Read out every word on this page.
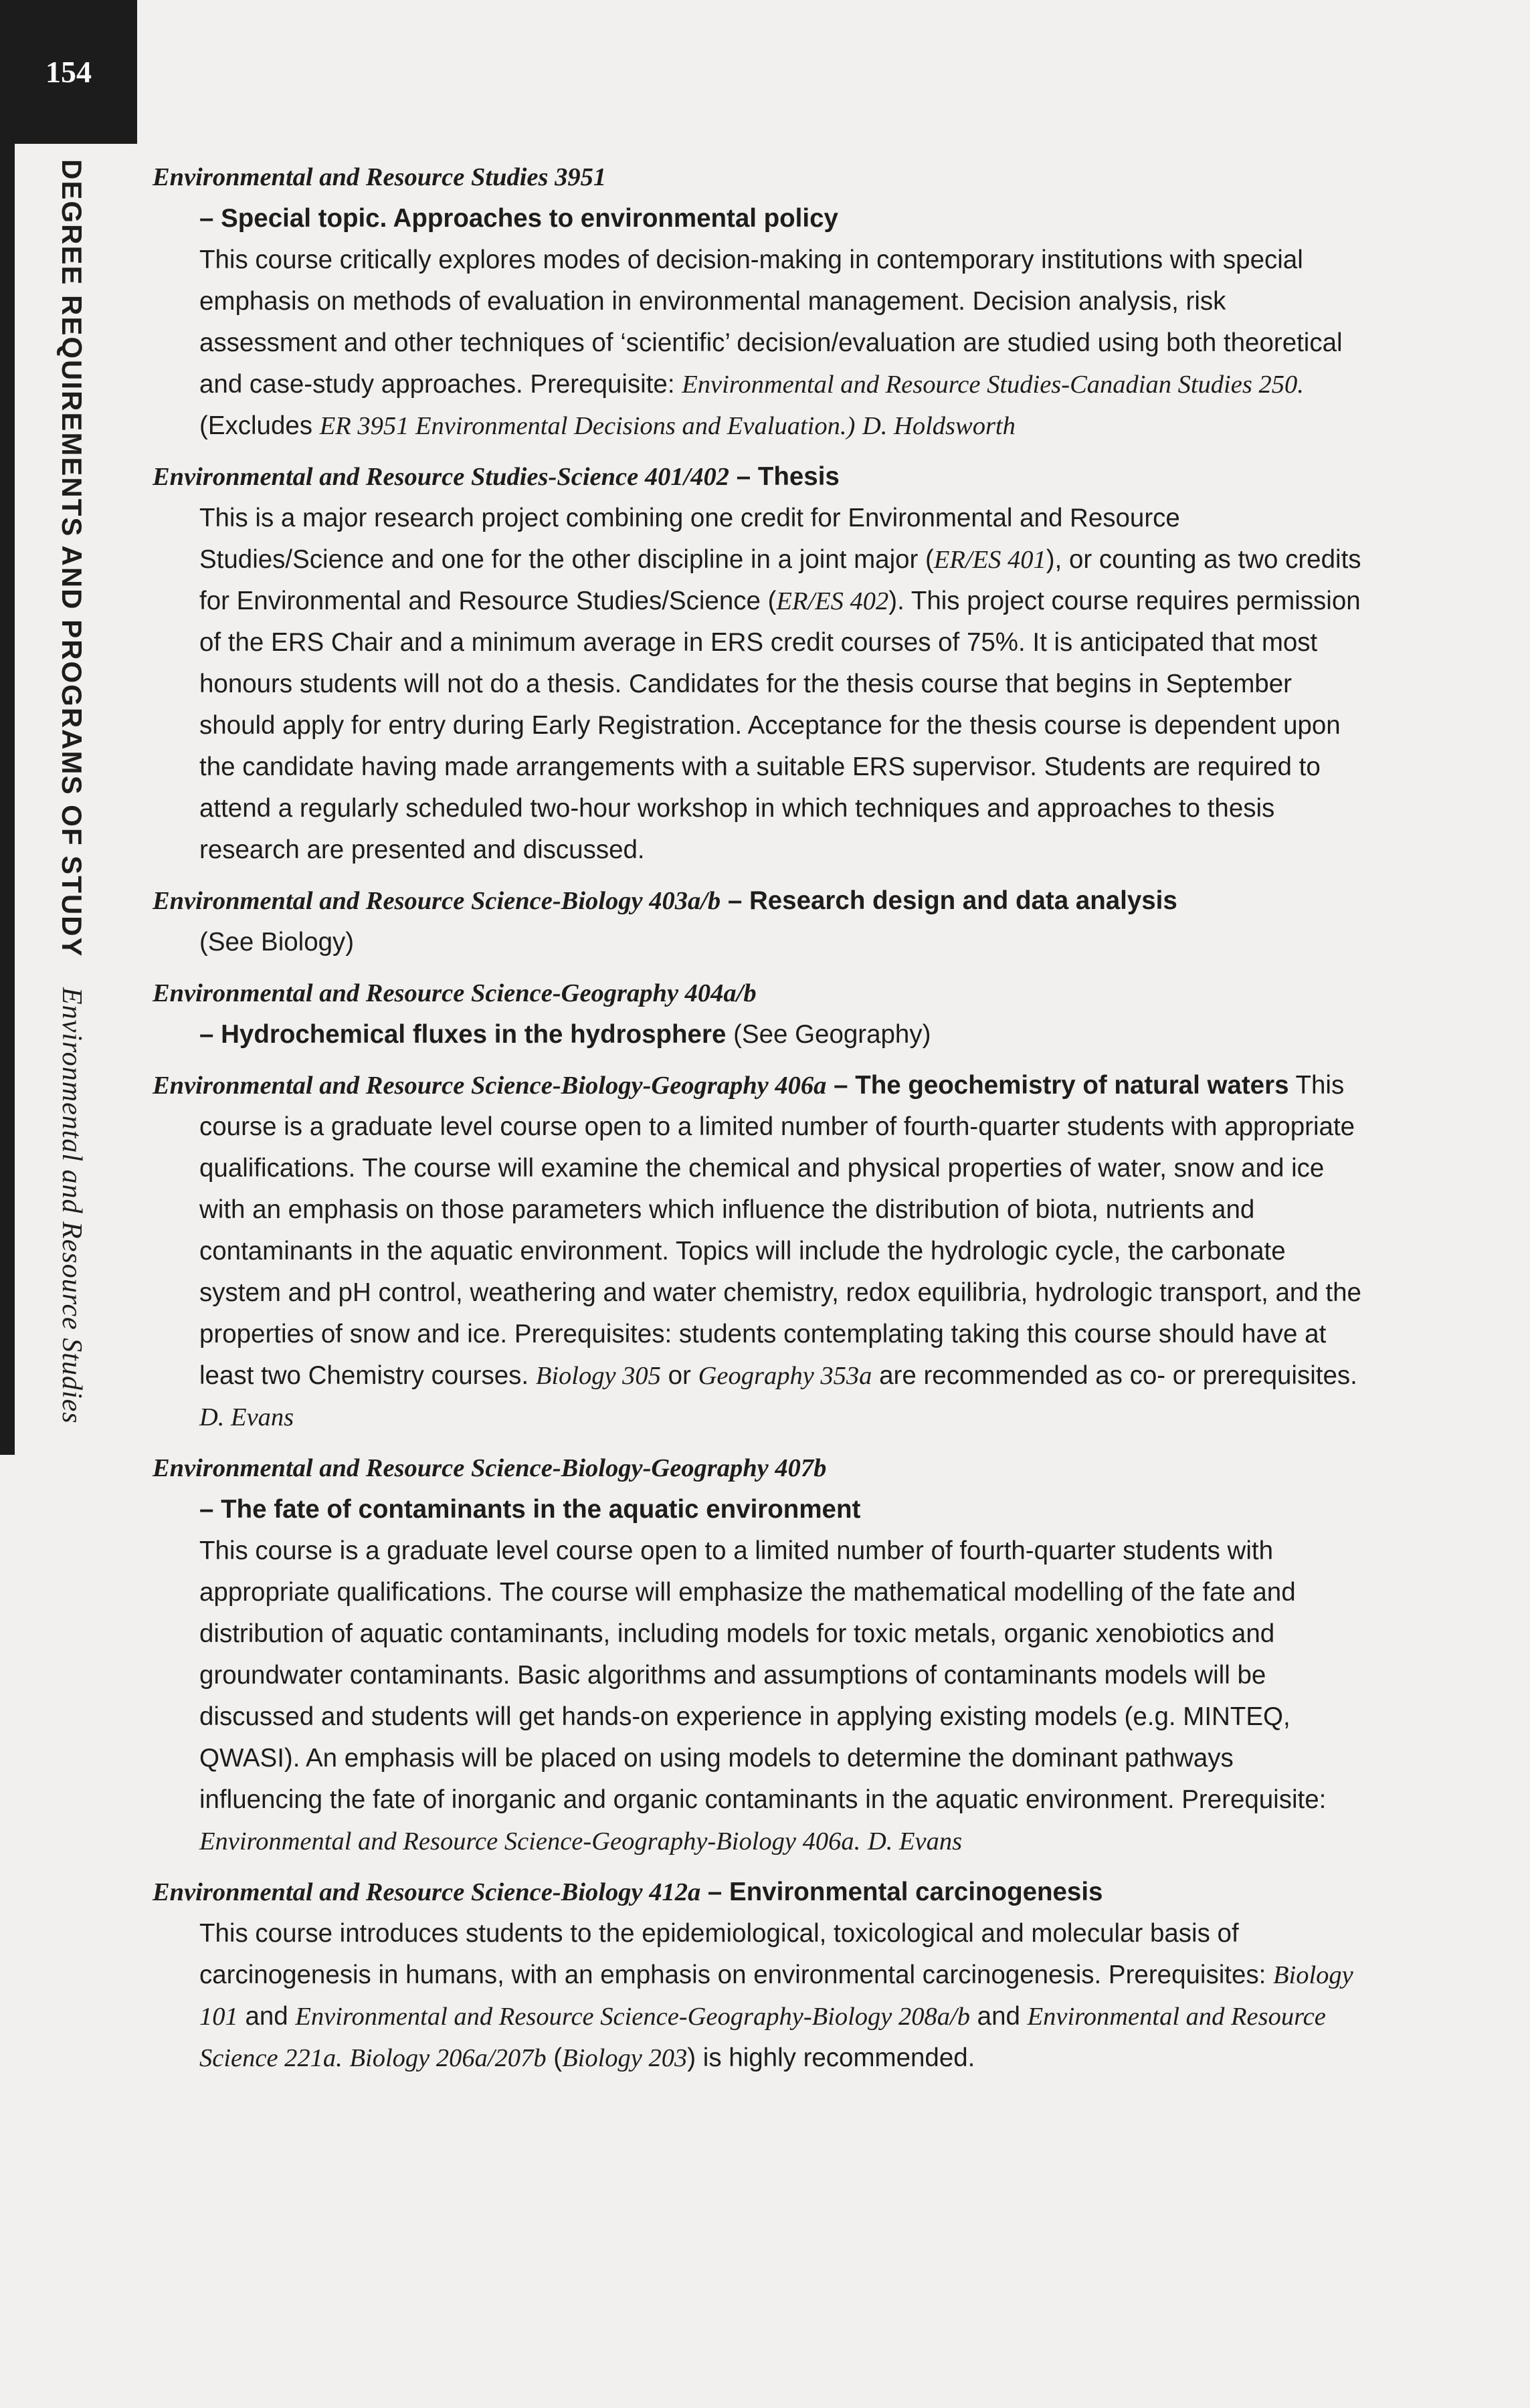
154
DEGREE REQUIREMENTS AND PROGRAMS OF STUDYEnvironmental and Resource Studies
Environmental and Resource Studies 3951
– Special topic. Approaches to environmental policy

This course critically explores modes of decision-making in contemporary institutions with special emphasis on methods of evaluation in environmental management. Decision analysis, risk assessment and other techniques of ‘scientific’ decision/evaluation are studied using both theoretical and case-study approaches. Prerequisite: Environmental and Resource Studies-Canadian Studies 250. (Excludes ER 3951 Environmental Decisions and Evaluation.) D. Holdsworth

Environmental and Resource Studies-Science 401/402 – Thesis

This is a major research project combining one credit for Environmental and Resource Studies/Science and one for the other discipline in a joint major (ER/ES 401), or counting as two credits for Environmental and Resource Studies/Science (ER/ES 402). This project course requires permission of the ERS Chair and a minimum average in ERS credit courses of 75%. It is anticipated that most honours students will not do a thesis. Candidates for the thesis course that begins in September should apply for entry during Early Registration. Acceptance for the thesis course is dependent upon the candidate having made arrangements with a suitable ERS supervisor. Students are required to attend a regularly scheduled two-hour workshop in which techniques and approaches to thesis research are presented and discussed.

Environmental and Resource Science-Biology 403a/b – Research design and data analysis
(See Biology)
Environmental and Resource Science-Geography 404a/b
– Hydrochemical fluxes in the hydrosphere (See Geography)
Environmental and Resource Science-Biology-Geography 406a – The geochemistry of natural waters This course is a graduate level course open to a limited number of fourth-quarter students with appropriate qualifications. The course will examine the chemical and physical properties of water, snow and ice with an emphasis on those parameters which influence the distribution of biota, nutrients and contaminants in the aquatic environment. Topics will include the hydrologic cycle, the carbonate system and pH control, weathering and water chemistry, redox equilibria, hydrologic transport, and the properties of snow and ice. Prerequisites: students contemplating taking this course should have at least two Chemistry courses. Biology 305 or Geography 353a are recommended as co- or prerequisites. D. Evans
Environmental and Resource Science-Biology-Geography 407b
– The fate of contaminants in the aquatic environment

This course is a graduate level course open to a limited number of fourth-quarter students with appropriate qualifications. The course will emphasize the mathematical modelling of the fate and distribution of aquatic contaminants, including models for toxic metals, organic xenobiotics and groundwater contaminants. Basic algorithms and assumptions of contaminants models will be discussed and students will get hands-on experience in applying existing models (e.g. MINTEQ, QWASI). An emphasis will be placed on using models to determine the dominant pathways influencing the fate of inorganic and organic contaminants in the aquatic environment. Prerequisite: Environmental and Resource Science-Geography-Biology 406a. D. Evans

Environmental and Resource Science-Biology 412a – Environmental carcinogenesis

This course introduces students to the epidemiological, toxicological and molecular basis of carcinogenesis in humans, with an emphasis on environmental carcinogenesis. Prerequisites: Biology 101 and Environmental and Resource Science-Geography-Biology 208a/b and Environmental and Resource Science 221a. Biology 206a/207b (Biology 203) is highly recommended.
